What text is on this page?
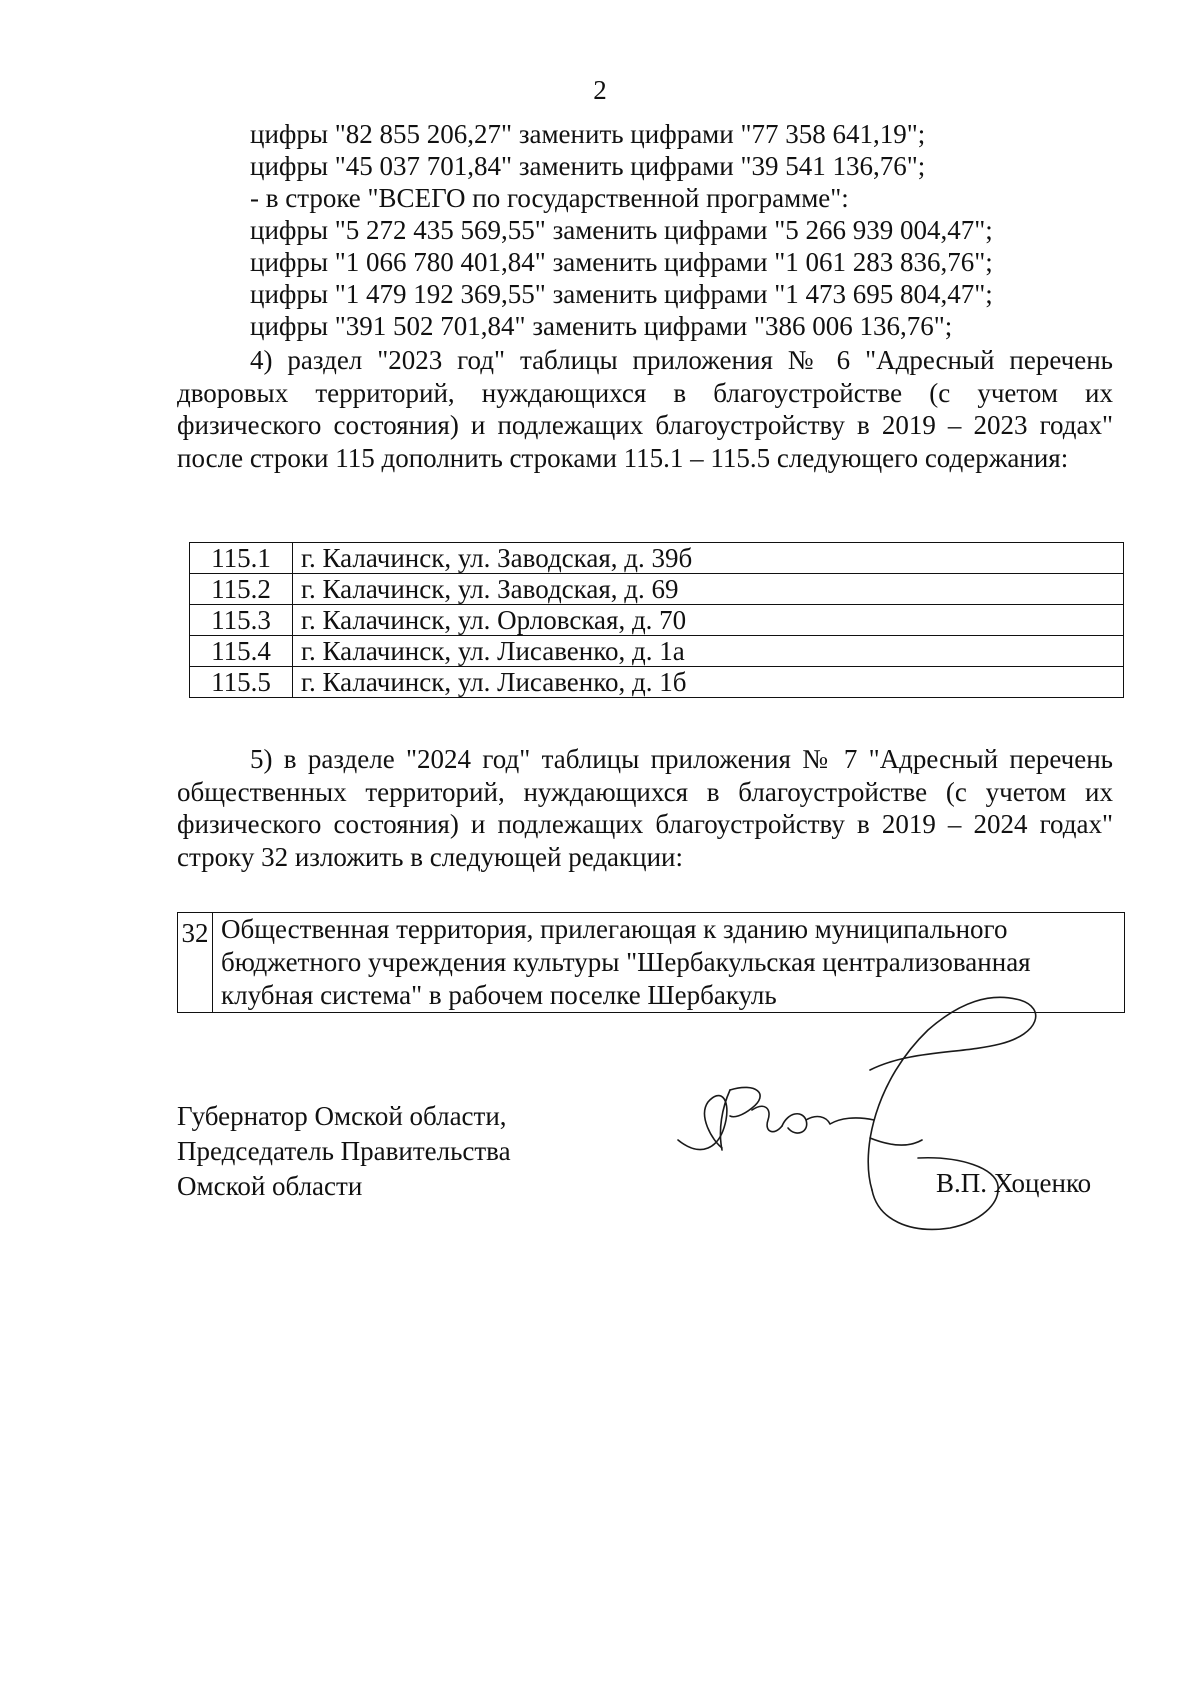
2
цифры "82 855 206,27" заменить цифрами "77 358 641,19";
цифры "45 037 701,84" заменить цифрами "39 541 136,76";
- в строке "ВСЕГО по государственной программе":
цифры "5 272 435 569,55" заменить цифрами "5 266 939 004,47";
цифры "1 066 780 401,84" заменить цифрами "1 061 283 836,76";
цифры "1 479 192 369,55" заменить цифрами "1 473 695 804,47";
цифры "391 502 701,84" заменить цифрами "386 006 136,76";
4) раздел "2023 год" таблицы приложения № 6 "Адресный перечень дворовых территорий, нуждающихся в благоустройстве (с учетом их физического состояния) и подлежащих благоустройству в 2019 – 2023 годах" после строки 115 дополнить строками 115.1 – 115.5 следующего содержания:
115.1	г. Калачинск, ул. Заводская, д. 39б
115.2	г. Калачинск, ул. Заводская, д. 69
115.3	г. Калачинск, ул. Орловская, д. 70
115.4	г. Калачинск, ул. Лисавенко, д. 1а
115.5	г. Калачинск, ул. Лисавенко, д. 1б
5) в разделе "2024 год" таблицы приложения № 7 "Адресный перечень общественных территорий, нуждающихся в благоустройстве (с учетом их физического состояния) и подлежащих благоустройству в 2019 – 2024 годах" строку 32 изложить в следующей редакции:
32	Общественная территория, прилегающая к зданию муниципального бюджетного учреждения культуры "Шербакульская централизованная клубная система" в рабочем поселке Шербакуль
Губернатор Омской области,
Председатель Правительства
Омской области	В.П. Хоценко
